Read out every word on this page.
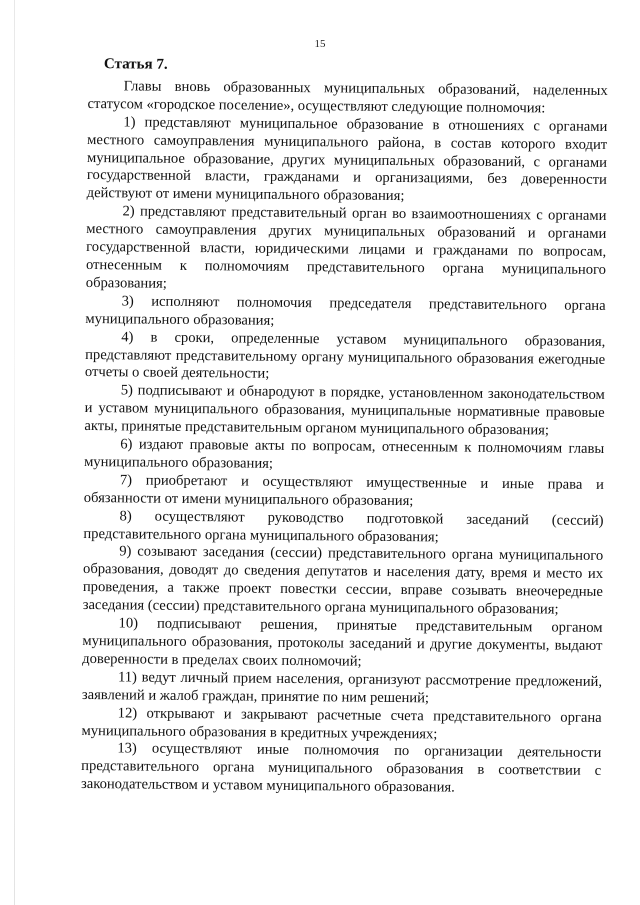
15
Статья 7.

Главы вновь образованных муниципальных образований, наделенных статусом «городское поселение», осуществляют следующие полномочия:

1) представляют муниципальное образование в отношениях с органами местного самоуправления муниципального района, в состав которого входит муниципальное образование, других муниципальных образований, с органами государственной власти, гражданами и организациями, без доверенности действуют от имени муниципального образования;

2) представляют представительный орган во взаимоотношениях с органами местного самоуправления других муниципальных образований и органами государственной власти, юридическими лицами и гражданами по вопросам, отнесенным к полномочиям представительного органа муниципального образования;

3) исполняют полномочия председателя представительного органа муниципального образования;

4) в сроки, определенные уставом муниципального образования, представляют представительному органу муниципального образования ежегодные отчеты о своей деятельности;

5) подписывают и обнародуют в порядке, установленном законодательством и уставом муниципального образования, муниципальные нормативные правовые акты, принятые представительным органом муниципального образования;

6) издают правовые акты по вопросам, отнесенным к полномочиям главы муниципального образования;

7) приобретают и осуществляют имущественные и иные права и обязанности от имени муниципального образования;

8) осуществляют руководство подготовкой заседаний (сессий) представительного органа муниципального образования;

9) созывают заседания (сессии) представительного органа муниципального образования, доводят до сведения депутатов и населения дату, время и место их проведения, а также проект повестки сессии, вправе созывать внеочередные заседания (сессии) представительного органа муниципального образования;

10) подписывают решения, принятые представительным органом муниципального образования, протоколы заседаний и другие документы, выдают доверенности в пределах своих полномочий;

11) ведут личный прием населения, организуют рассмотрение предложений, заявлений и жалоб граждан, принятие по ним решений;

12) открывают и закрывают расчетные счета представительного органа муниципального образования в кредитных учреждениях;

13) осуществляют иные полномочия по организации деятельности представительного органа муниципального образования в соответствии с законодательством и уставом муниципального образования.
